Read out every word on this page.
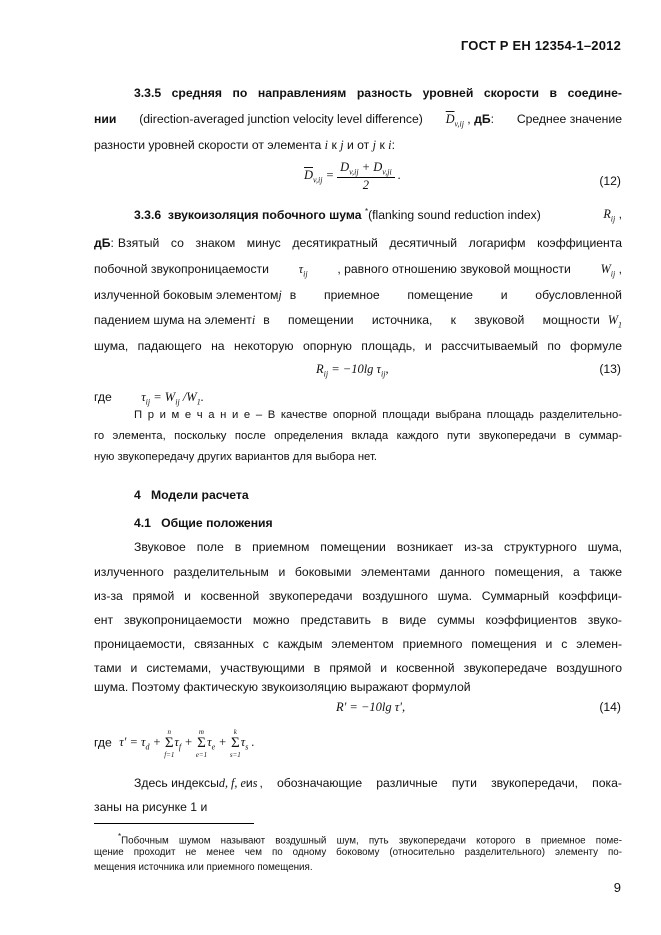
ГОСТ Р ЕН 12354-1–2012
3.3.5 средняя по направлениям разность уровней скорости в соедине-
нии (direction-averaged junction velocity level difference) $\overline{D}_{v,ij}$ , дБ: Среднее значение
разности уровней скорости от элемента i к j и от j к i:
$\overline{D}_{v,ij} = \frac{D_{v,ij} + D_{v,ji}}{2}$ .	(12)
3.3.6 звукоизоляция побочного шума *(flanking sound reduction index)	$R_{ij}$ ,
дБ: Взятый со знаком минус десятикратный десятичный логарифм коэффициента
побочной звукопроницаемости $\tau_{ij}$ , равного отношению звуковой мощности $W_{ij}$ ,
излученной боковым элементом j в приемное помещение и обусловленной
падением шума на элемент i в помещении источника, к звуковой мощности $W_1$
шума, падающего на некоторую опорную площадь, и рассчитываемый по формуле
$R_{ij} = -10\lg$ $\tau_{ij}$,	(13)
где $\tau_{ij} = W_{ij}$ $/W_1$.
П р и м е ч а н и е – В качестве опорной площади выбрана площадь разделительно-
го элемента, поскольку после определения вклада каждого пути звукопередачи в суммар-
ную звукопередачу других вариантов для выбора нет.
4 Модели расчета
4.1 Общие положения
Звуковое поле в приемном помещении возникает из-за структурного шума,
излученного разделительным и боковыми элементами данного помещения, а также
из-за прямой и косвенной звукопередачи воздушного шума. Суммарный коэффици-
ент звукопроницаемости можно представить в виде суммы коэффициентов звуко-
проницаемости, связанных с каждым элементом приемного помещения и с элемен-
тами и системами, участвующими в прямой и косвенной звукопередаче воздушного
шума. Поэтому фактическую звукоизоляцию выражают формулой
R' = −10lg τ',	(14)
где $\tau' = \tau_d$ +
n
Σ
f=1
$\tau_f$ +
m
Σ
e=1
$\tau_e$ +
k
Σ
s=1
$\tau_s$ .
Здесь индексы d, f, e и s , обозначающие различные пути звукопередачи, пока-
заны на рисунке 1 и
*Побочным шумом называют воздушный шум, путь звукопередачи которого в приемное поме-
щение проходит не менее чем по одному боковому (относительно разделительного) элементу по-
мещения источника или приемного помещения.
9
